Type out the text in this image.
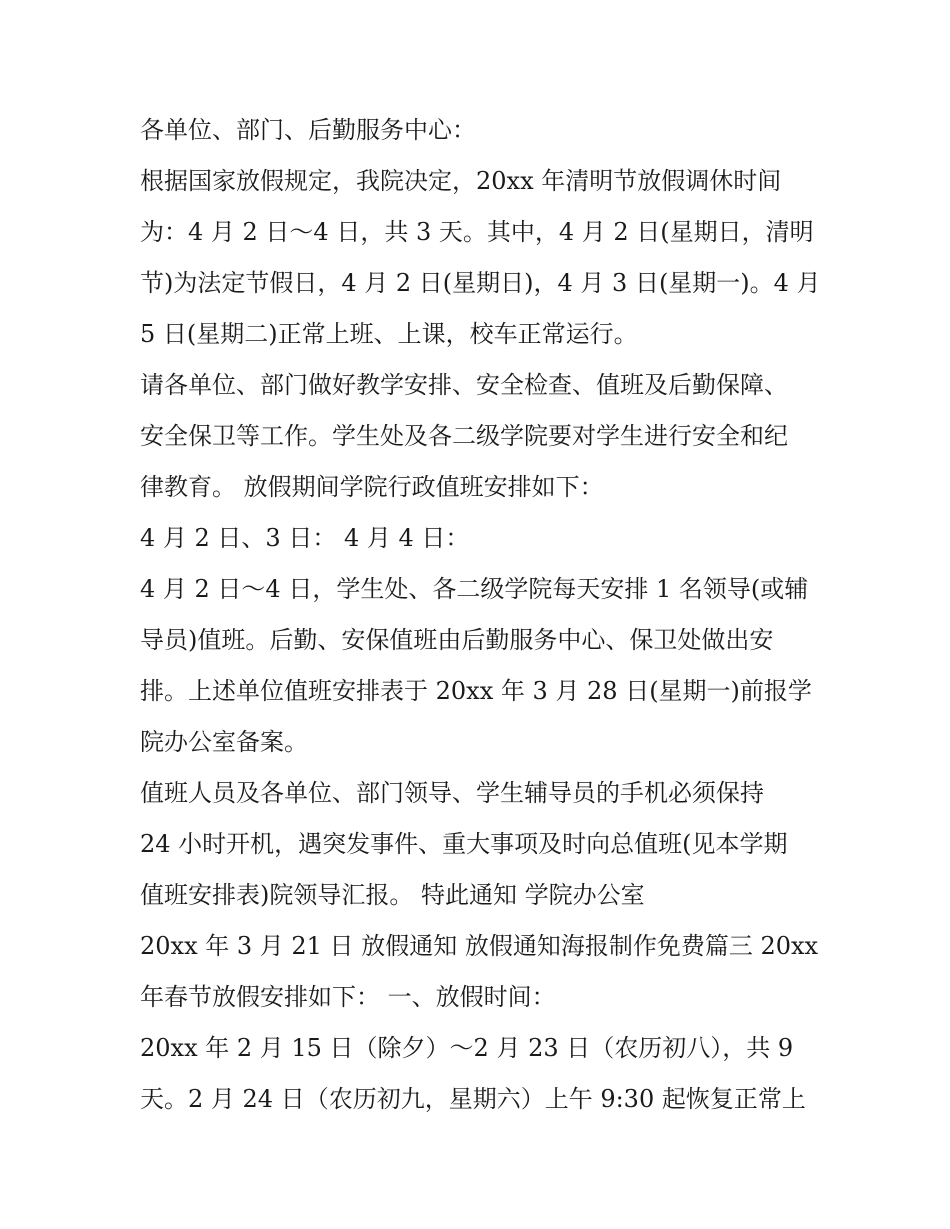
各单位、部门、后勤服务中心：
根据国家放假规定，我院决定，20xx 年清明节放假调休时间
为：4 月 2 日～4 日，共 3 天。其中，4 月 2 日(星期日，清明
节)为法定节假日，4 月 2 日(星期日)，4 月 3 日(星期一)。4 月
5 日(星期二)正常上班、上课，校车正常运行。
请各单位、部门做好教学安排、安全检查、值班及后勤保障、
安全保卫等工作。学生处及各二级学院要对学生进行安全和纪
律教育。 放假期间学院行政值班安排如下：
4 月 2 日、3 日： 4 月 4 日：
4 月 2 日～4 日，学生处、各二级学院每天安排 1 名领导(或辅
导员)值班。后勤、安保值班由后勤服务中心、保卫处做出安
排。上述单位值班安排表于 20xx 年 3 月 28 日(星期一)前报学
院办公室备案。
值班人员及各单位、部门领导、学生辅导员的手机必须保持
24 小时开机，遇突发事件、重大事项及时向总值班(见本学期
值班安排表)院领导汇报。 特此通知 学院办公室
20xx 年 3 月 21 日 放假通知 放假通知海报制作免费篇三 20xx
年春节放假安排如下： 一、放假时间：
20xx 年 2 月 15 日（除夕）～2 月 23 日（农历初八），共 9
天。2 月 24 日（农历初九，星期六）上午 9:30 起恢复正常上
